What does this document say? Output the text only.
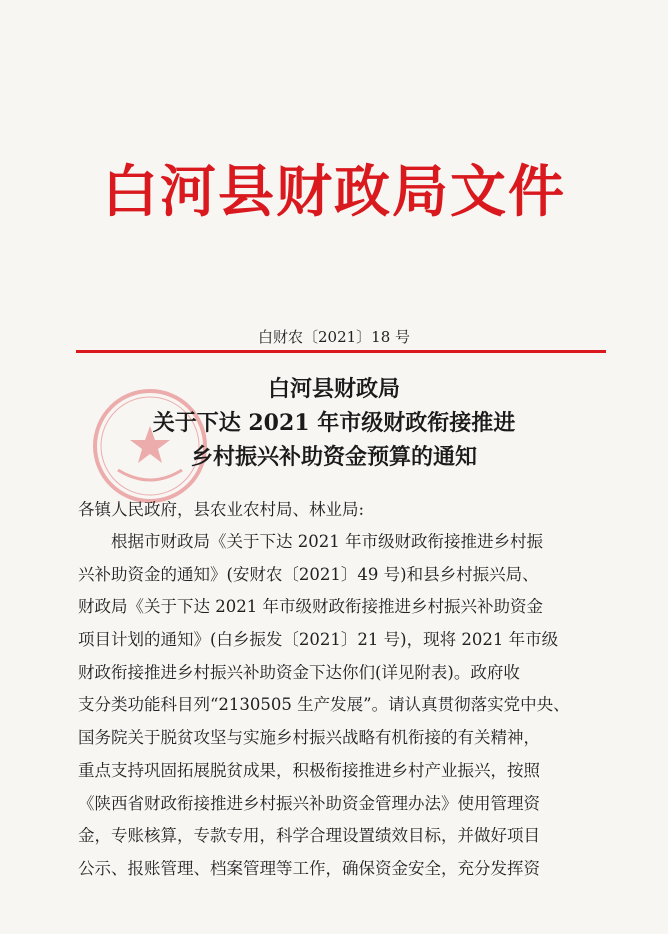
白河县财政局文件
白财农〔2021〕18 号
白河县财政局
关于下达 2021 年市级财政衔接推进
乡村振兴补助资金预算的通知
各镇人民政府，县农业农村局、林业局:
根据市财政局《关于下达 2021 年市级财政衔接推进乡村振
兴补助资金的通知》(安财农〔2021〕49 号)和县乡村振兴局、
财政局《关于下达 2021 年市级财政衔接推进乡村振兴补助资金
项目计划的通知》(白乡振发〔2021〕21 号)，现将 2021 年市级
财政衔接推进乡村振兴补助资金下达你们(详见附表)。政府收
支分类功能科目列“2130505 生产发展”。请认真贯彻落实党中央、
国务院关于脱贫攻坚与实施乡村振兴战略有机衔接的有关精神，
重点支持巩固拓展脱贫成果，积极衔接推进乡村产业振兴，按照
《陕西省财政衔接推进乡村振兴补助资金管理办法》使用管理资
金，专账核算，专款专用，科学合理设置绩效目标，并做好项目
公示、报账管理、档案管理等工作，确保资金安全，充分发挥资
